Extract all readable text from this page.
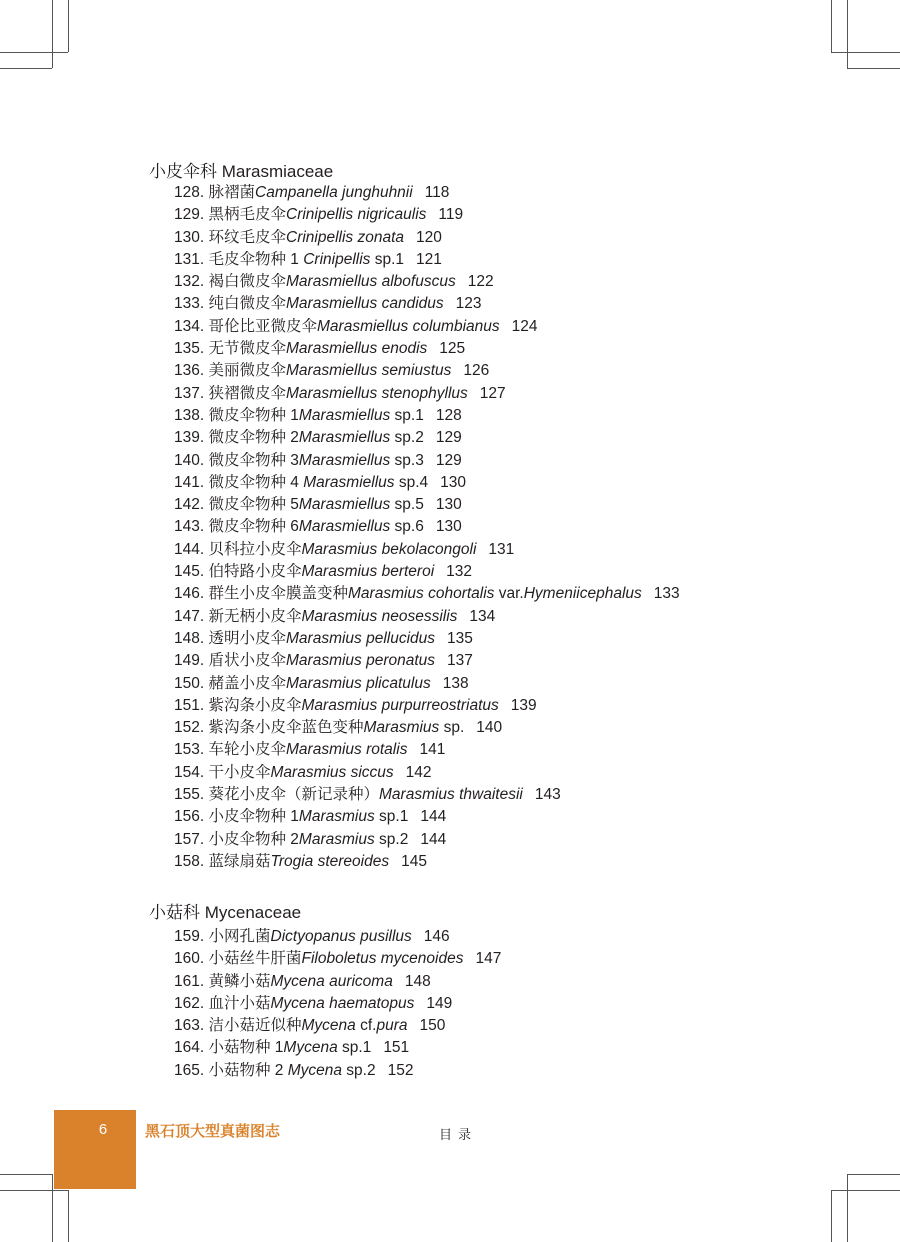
小皮伞科 Marasmiaceae
128. 脉褶菌Campanella junghuhnii 118
129. 黑柄毛皮伞Crinipellis nigricaulis 119
130. 环纹毛皮伞Crinipellis zonata 120
131. 毛皮伞物种 1 Crinipellis sp.1 121
132. 褐白微皮伞Marasmiellus albofuscus 122
133. 纯白微皮伞Marasmiellus candidus 123
134. 哥伦比亚微皮伞Marasmiellus columbianus 124
135. 无节微皮伞Marasmiellus enodis 125
136. 美丽微皮伞Marasmiellus semiustus 126
137. 狭褶微皮伞Marasmiellus stenophyllus 127
138. 微皮伞物种 1Marasmiellus sp.1 128
139. 微皮伞物种 2Marasmiellus sp.2 129
140. 微皮伞物种 3Marasmiellus sp.3 129
141. 微皮伞物种 4 Marasmiellus sp.4 130
142. 微皮伞物种 5Marasmiellus sp.5 130
143. 微皮伞物种 6Marasmiellus sp.6 130
144. 贝科拉小皮伞Marasmius bekolacongoli 131
145. 伯特路小皮伞Marasmius berteroi 132
146. 群生小皮伞膜盖变种Marasmius cohortalis var.Hymeniicephalus 133
147. 新无柄小皮伞Marasmius neosessilis 134
148. 透明小皮伞Marasmius pellucidus 135
149. 盾状小皮伞Marasmius peronatus 137
150. 赭盖小皮伞Marasmius plicatulus 138
151. 紫沟条小皮伞Marasmius purpurreostriatus 139
152. 紫沟条小皮伞蓝色变种Marasmius sp. 140
153. 车轮小皮伞Marasmius rotalis 141
154. 干小皮伞Marasmius siccus 142
155. 葵花小皮伞（新记录种）Marasmius thwaitesii 143
156. 小皮伞物种 1Marasmius sp.1 144
157. 小皮伞物种 2Marasmius sp.2 144
158. 蓝绿扇菇Trogia stereoides 145
小菇科 Mycenaceae
159. 小网孔菌Dictyopanus pusillus 146
160. 小菇丝牛肝菌Filoboletus mycenoides 147
161. 黄鳞小菇Mycena auricoma 148
162. 血汁小菇Mycena haematopus 149
163. 洁小菇近似种Mycena cf.pura 150
164. 小菇物种 1Mycena sp.1 151
165. 小菇物种 2 Mycena sp.2 152
6	黑石顶大型真菌图志	目录
